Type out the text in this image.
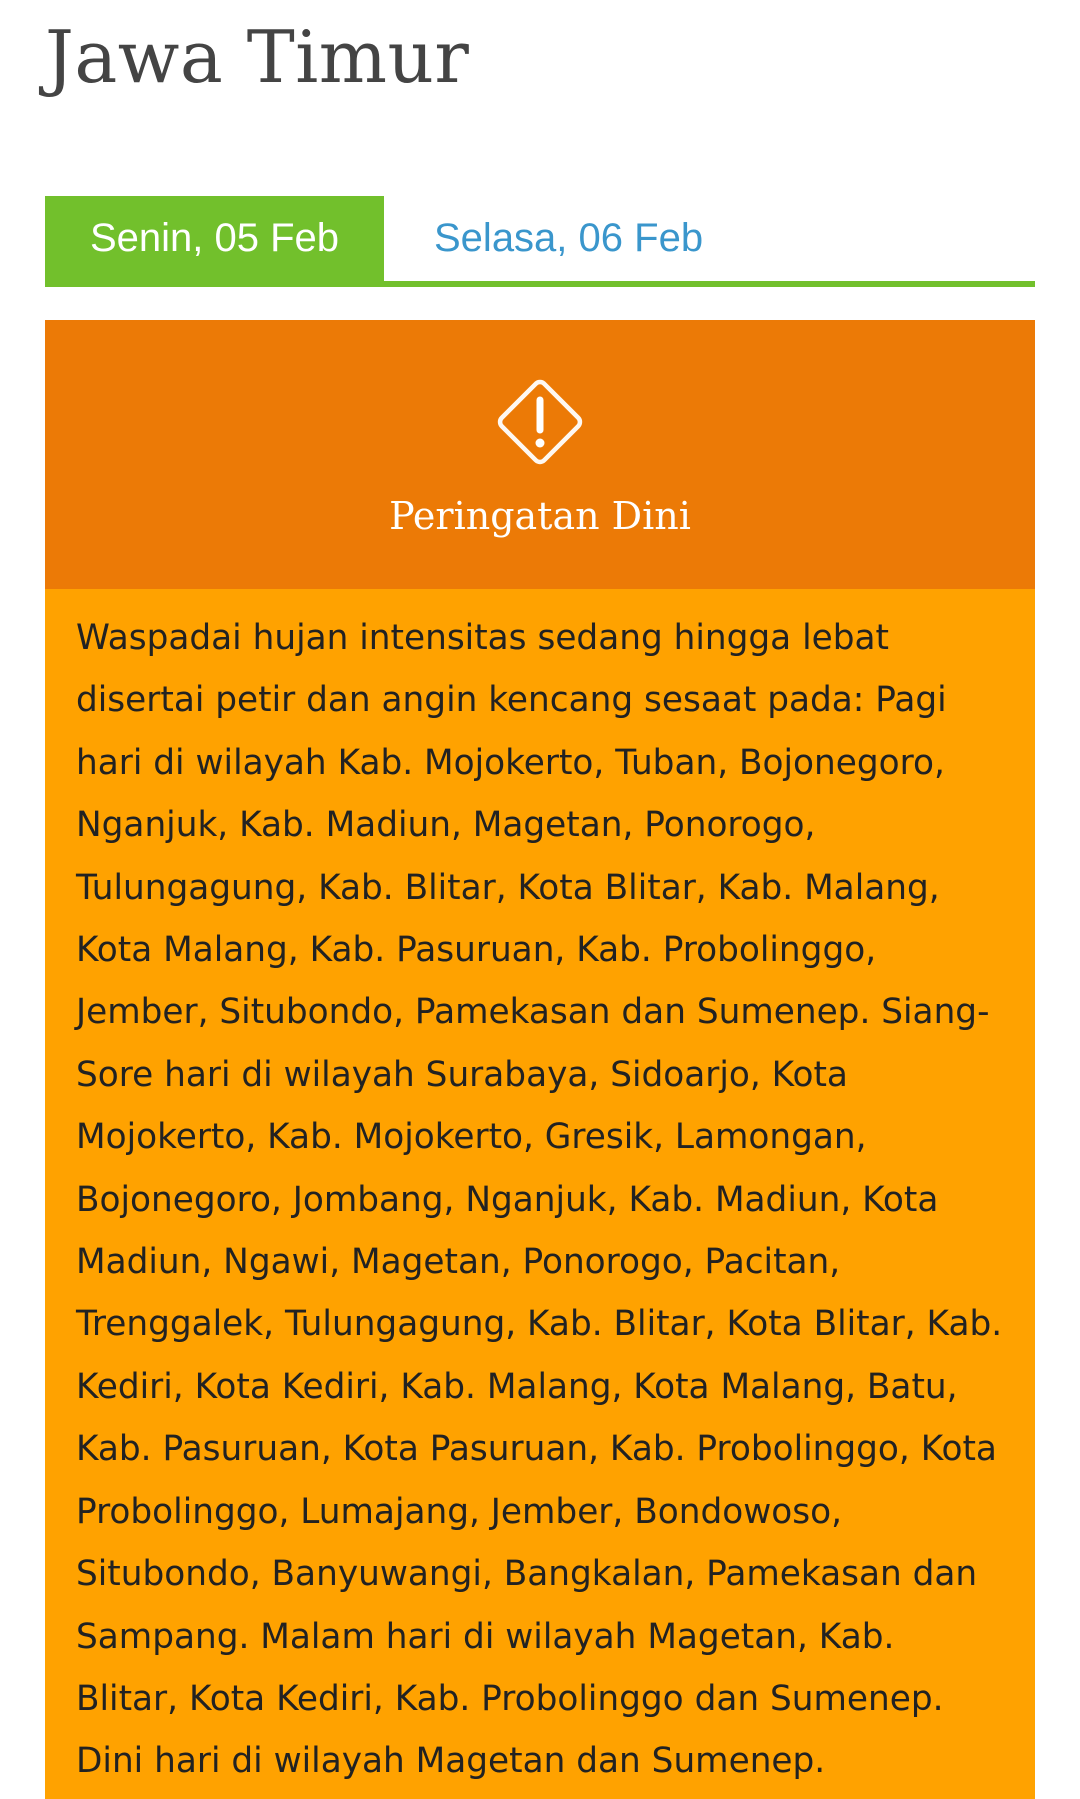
Jawa Timur
Senin, 05 Feb	Selasa, 06 Feb
Peringatan Dini

Waspadai hujan intensitas sedang hingga lebat disertai petir dan angin kencang sesaat pada: Pagi hari di wilayah Kab. Mojokerto, Tuban, Bojonegoro, Nganjuk, Kab. Madiun, Magetan, Ponorogo, Tulungagung, Kab. Blitar, Kota Blitar, Kab. Malang, Kota Malang, Kab. Pasuruan, Kab. Probolinggo, Jember, Situbondo, Pamekasan dan Sumenep. Siang-Sore hari di wilayah Surabaya, Sidoarjo, Kota Mojokerto, Kab. Mojokerto, Gresik, Lamongan, Bojonegoro, Jombang, Nganjuk, Kab. Madiun, Kota Madiun, Ngawi, Magetan, Ponorogo, Pacitan, Trenggalek, Tulungagung, Kab. Blitar, Kota Blitar, Kab. Kediri, Kota Kediri, Kab. Malang, Kota Malang, Batu, Kab. Pasuruan, Kota Pasuruan, Kab. Probolinggo, Kota Probolinggo, Lumajang, Jember, Bondowoso, Situbondo, Banyuwangi, Bangkalan, Pamekasan dan Sampang. Malam hari di wilayah Magetan, Kab. Blitar, Kota Kediri, Kab. Probolinggo dan Sumenep. Dini hari di wilayah Magetan dan Sumenep.
